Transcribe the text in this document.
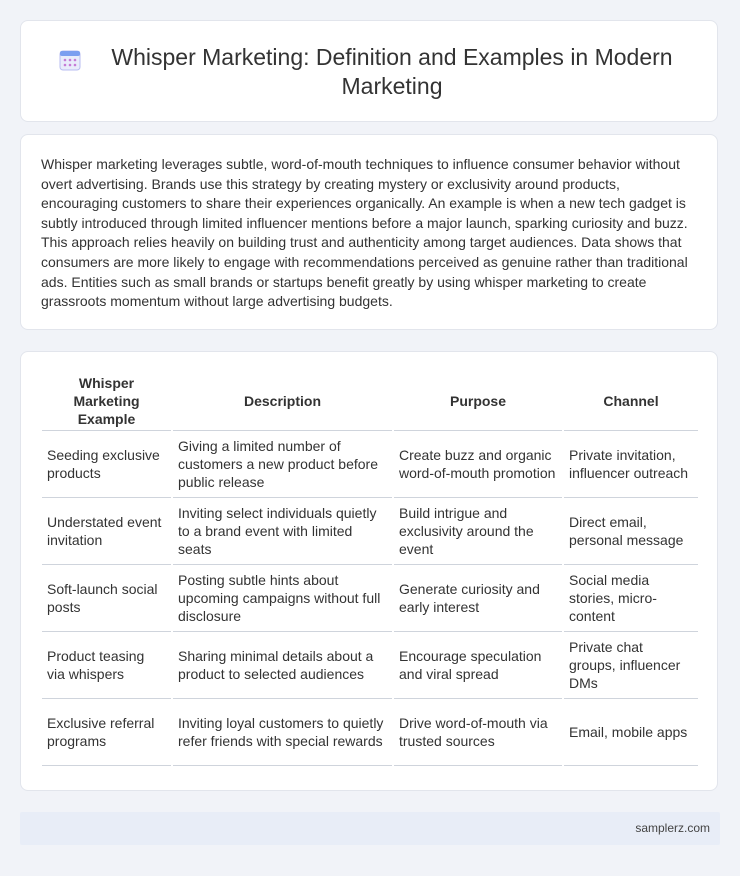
Whisper Marketing: Definition and Examples in Modern Marketing

Whisper marketing leverages subtle, word-of-mouth techniques to influence consumer behavior without overt advertising. Brands use this strategy by creating mystery or exclusivity around products, encouraging customers to share their experiences organically. An example is when a new tech gadget is subtly introduced through limited influencer mentions before a major launch, sparking curiosity and buzz. This approach relies heavily on building trust and authenticity among target audiences. Data shows that consumers are more likely to engage with recommendations perceived as genuine rather than traditional ads. Entities such as small brands or startups benefit greatly by using whisper marketing to create grassroots momentum without large advertising budgets.

Whisper Marketing Example	Description	Purpose	Channel
Seeding exclusive products	Giving a limited number of customers a new product before public release	Create buzz and organic word-of-mouth promotion	Private invitation, influencer outreach
Understated event invitation	Inviting select individuals quietly to a brand event with limited seats	Build intrigue and exclusivity around the event	Direct email, personal message
Soft-launch social posts	Posting subtle hints about upcoming campaigns without full disclosure	Generate curiosity and early interest	Social media stories, micro-content
Product teasing via whispers	Sharing minimal details about a product to selected audiences	Encourage speculation and viral spread	Private chat groups, influencer DMs
Exclusive referral programs	Inviting loyal customers to quietly refer friends with special rewards	Drive word-of-mouth via trusted sources	Email, mobile apps
samplerz.com
